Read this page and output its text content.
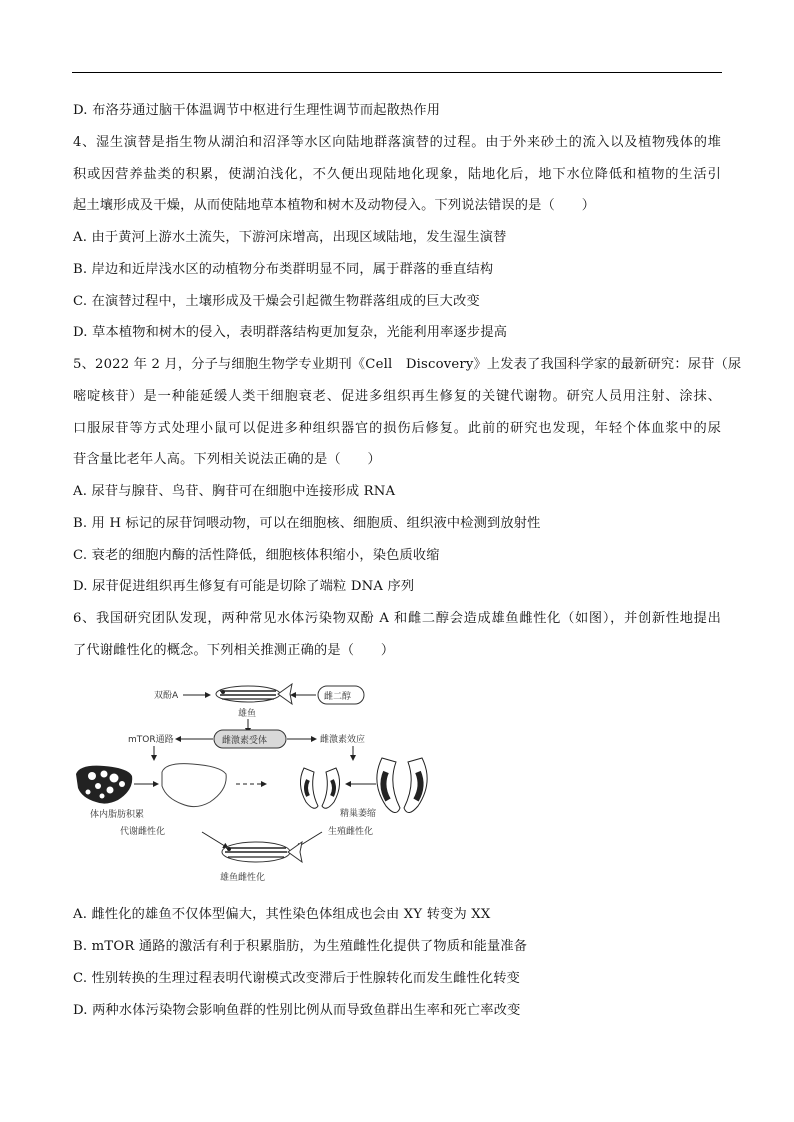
D. 布洛芬通过脑干体温调节中枢进行生理性调节而起散热作用
4、湿生演替是指生物从湖泊和沼泽等水区向陆地群落演替的过程。由于外来砂土的流入以及植物残体的堆
积或因营养盐类的积累，使湖泊浅化，不久便出现陆地化现象，陆地化后，地下水位降低和植物的生活引
起土壤形成及干燥，从而使陆地草本植物和树木及动物侵入。下列说法错误的是（　　）
A. 由于黄河上游水土流失，下游河床增高，出现区域陆地，发生湿生演替
B. 岸边和近岸浅水区的动植物分布类群明显不同，属于群落的垂直结构
C. 在演替过程中，土壤形成及干燥会引起微生物群落组成的巨大改变
D. 草本植物和树木的侵入，表明群落结构更加复杂，光能利用率逐步提高
5、2022 年 2 月，分子与细胞生物学专业期刊《Cell　Discovery》上发表了我国科学家的最新研究：尿苷（尿
嘧啶核苷）是一种能延缓人类干细胞衰老、促进多组织再生修复的关键代谢物。研究人员用注射、涂抹、
口服尿苷等方式处理小鼠可以促进多种组织器官的损伤后修复。此前的研究也发现，年轻个体血浆中的尿
苷含量比老年人高。下列相关说法正确的是（　　）
A. 尿苷与腺苷、鸟苷、胸苷可在细胞中连接形成 RNA
B. 用 H 标记的尿苷饲喂动物，可以在细胞核、细胞质、组织液中检测到放射性
C. 衰老的细胞内酶的活性降低，细胞核体积缩小，染色质收缩
D. 尿苷促进组织再生修复有可能是切除了端粒 DNA 序列
6、我国研究团队发现，两种常见水体污染物双酚 A 和雌二醇会造成雄鱼雌性化（如图），并创新性地提出
了代谢雌性化的概念。下列相关推测正确的是（　　）
双酚A	雌二醇
雄鱼
mTOR通路	雌激素受体	雌激素效应
体内脂肪积累	精巢萎缩
代谢雌性化	生殖雌性化
雄鱼雌性化
A. 雌性化的雄鱼不仅体型偏大，其性染色体组成也会由 XY 转变为 XX
B. mTOR 通路的激活有利于积累脂肪，为生殖雌性化提供了物质和能量准备
C. 性别转换的生理过程表明代谢模式改变滞后于性腺转化而发生雌性化转变
D. 两种水体污染物会影响鱼群的性别比例从而导致鱼群出生率和死亡率改变
